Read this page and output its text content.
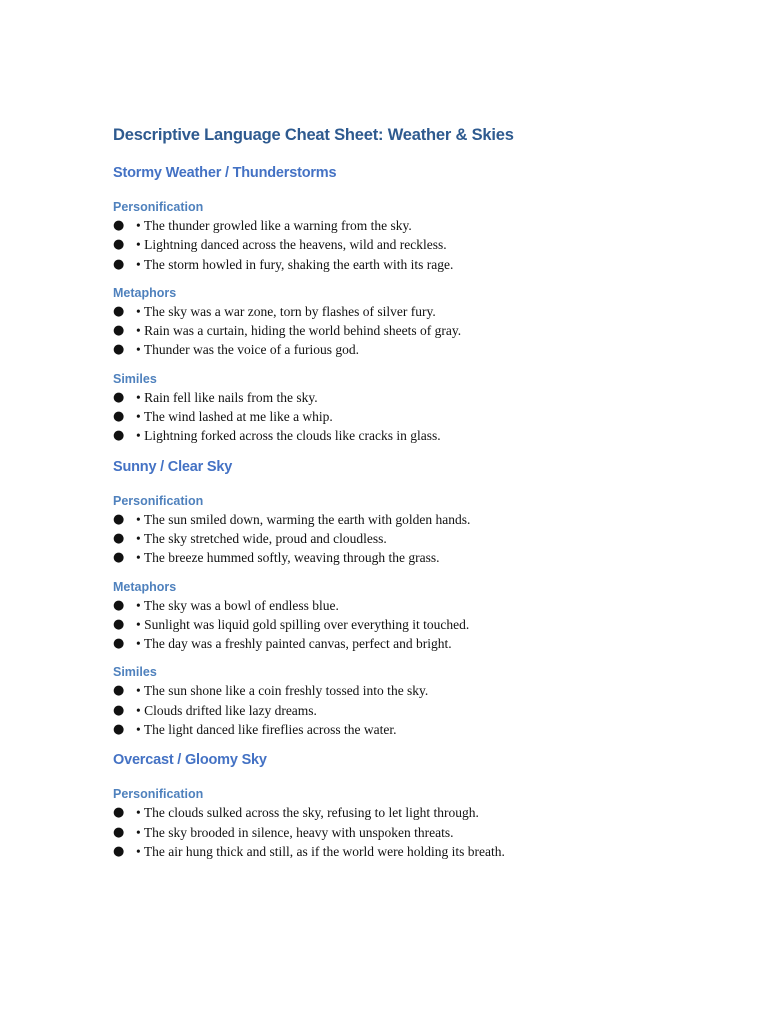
Descriptive Language Cheat Sheet: Weather & Skies
Stormy Weather / Thunderstorms
Personification
● • The thunder growled like a warning from the sky.
● • Lightning danced across the heavens, wild and reckless.
● • The storm howled in fury, shaking the earth with its rage.
Metaphors
● • The sky was a war zone, torn by flashes of silver fury.
● • Rain was a curtain, hiding the world behind sheets of gray.
● • Thunder was the voice of a furious god.
Similes
● • Rain fell like nails from the sky.
● • The wind lashed at me like a whip.
● • Lightning forked across the clouds like cracks in glass.
Sunny / Clear Sky
Personification
● • The sun smiled down, warming the earth with golden hands.
● • The sky stretched wide, proud and cloudless.
● • The breeze hummed softly, weaving through the grass.
Metaphors
● • The sky was a bowl of endless blue.
● • Sunlight was liquid gold spilling over everything it touched.
● • The day was a freshly painted canvas, perfect and bright.
Similes
● • The sun shone like a coin freshly tossed into the sky.
● • Clouds drifted like lazy dreams.
● • The light danced like fireflies across the water.
Overcast / Gloomy Sky
Personification
● • The clouds sulked across the sky, refusing to let light through.
● • The sky brooded in silence, heavy with unspoken threats.
● • The air hung thick and still, as if the world were holding its breath.
